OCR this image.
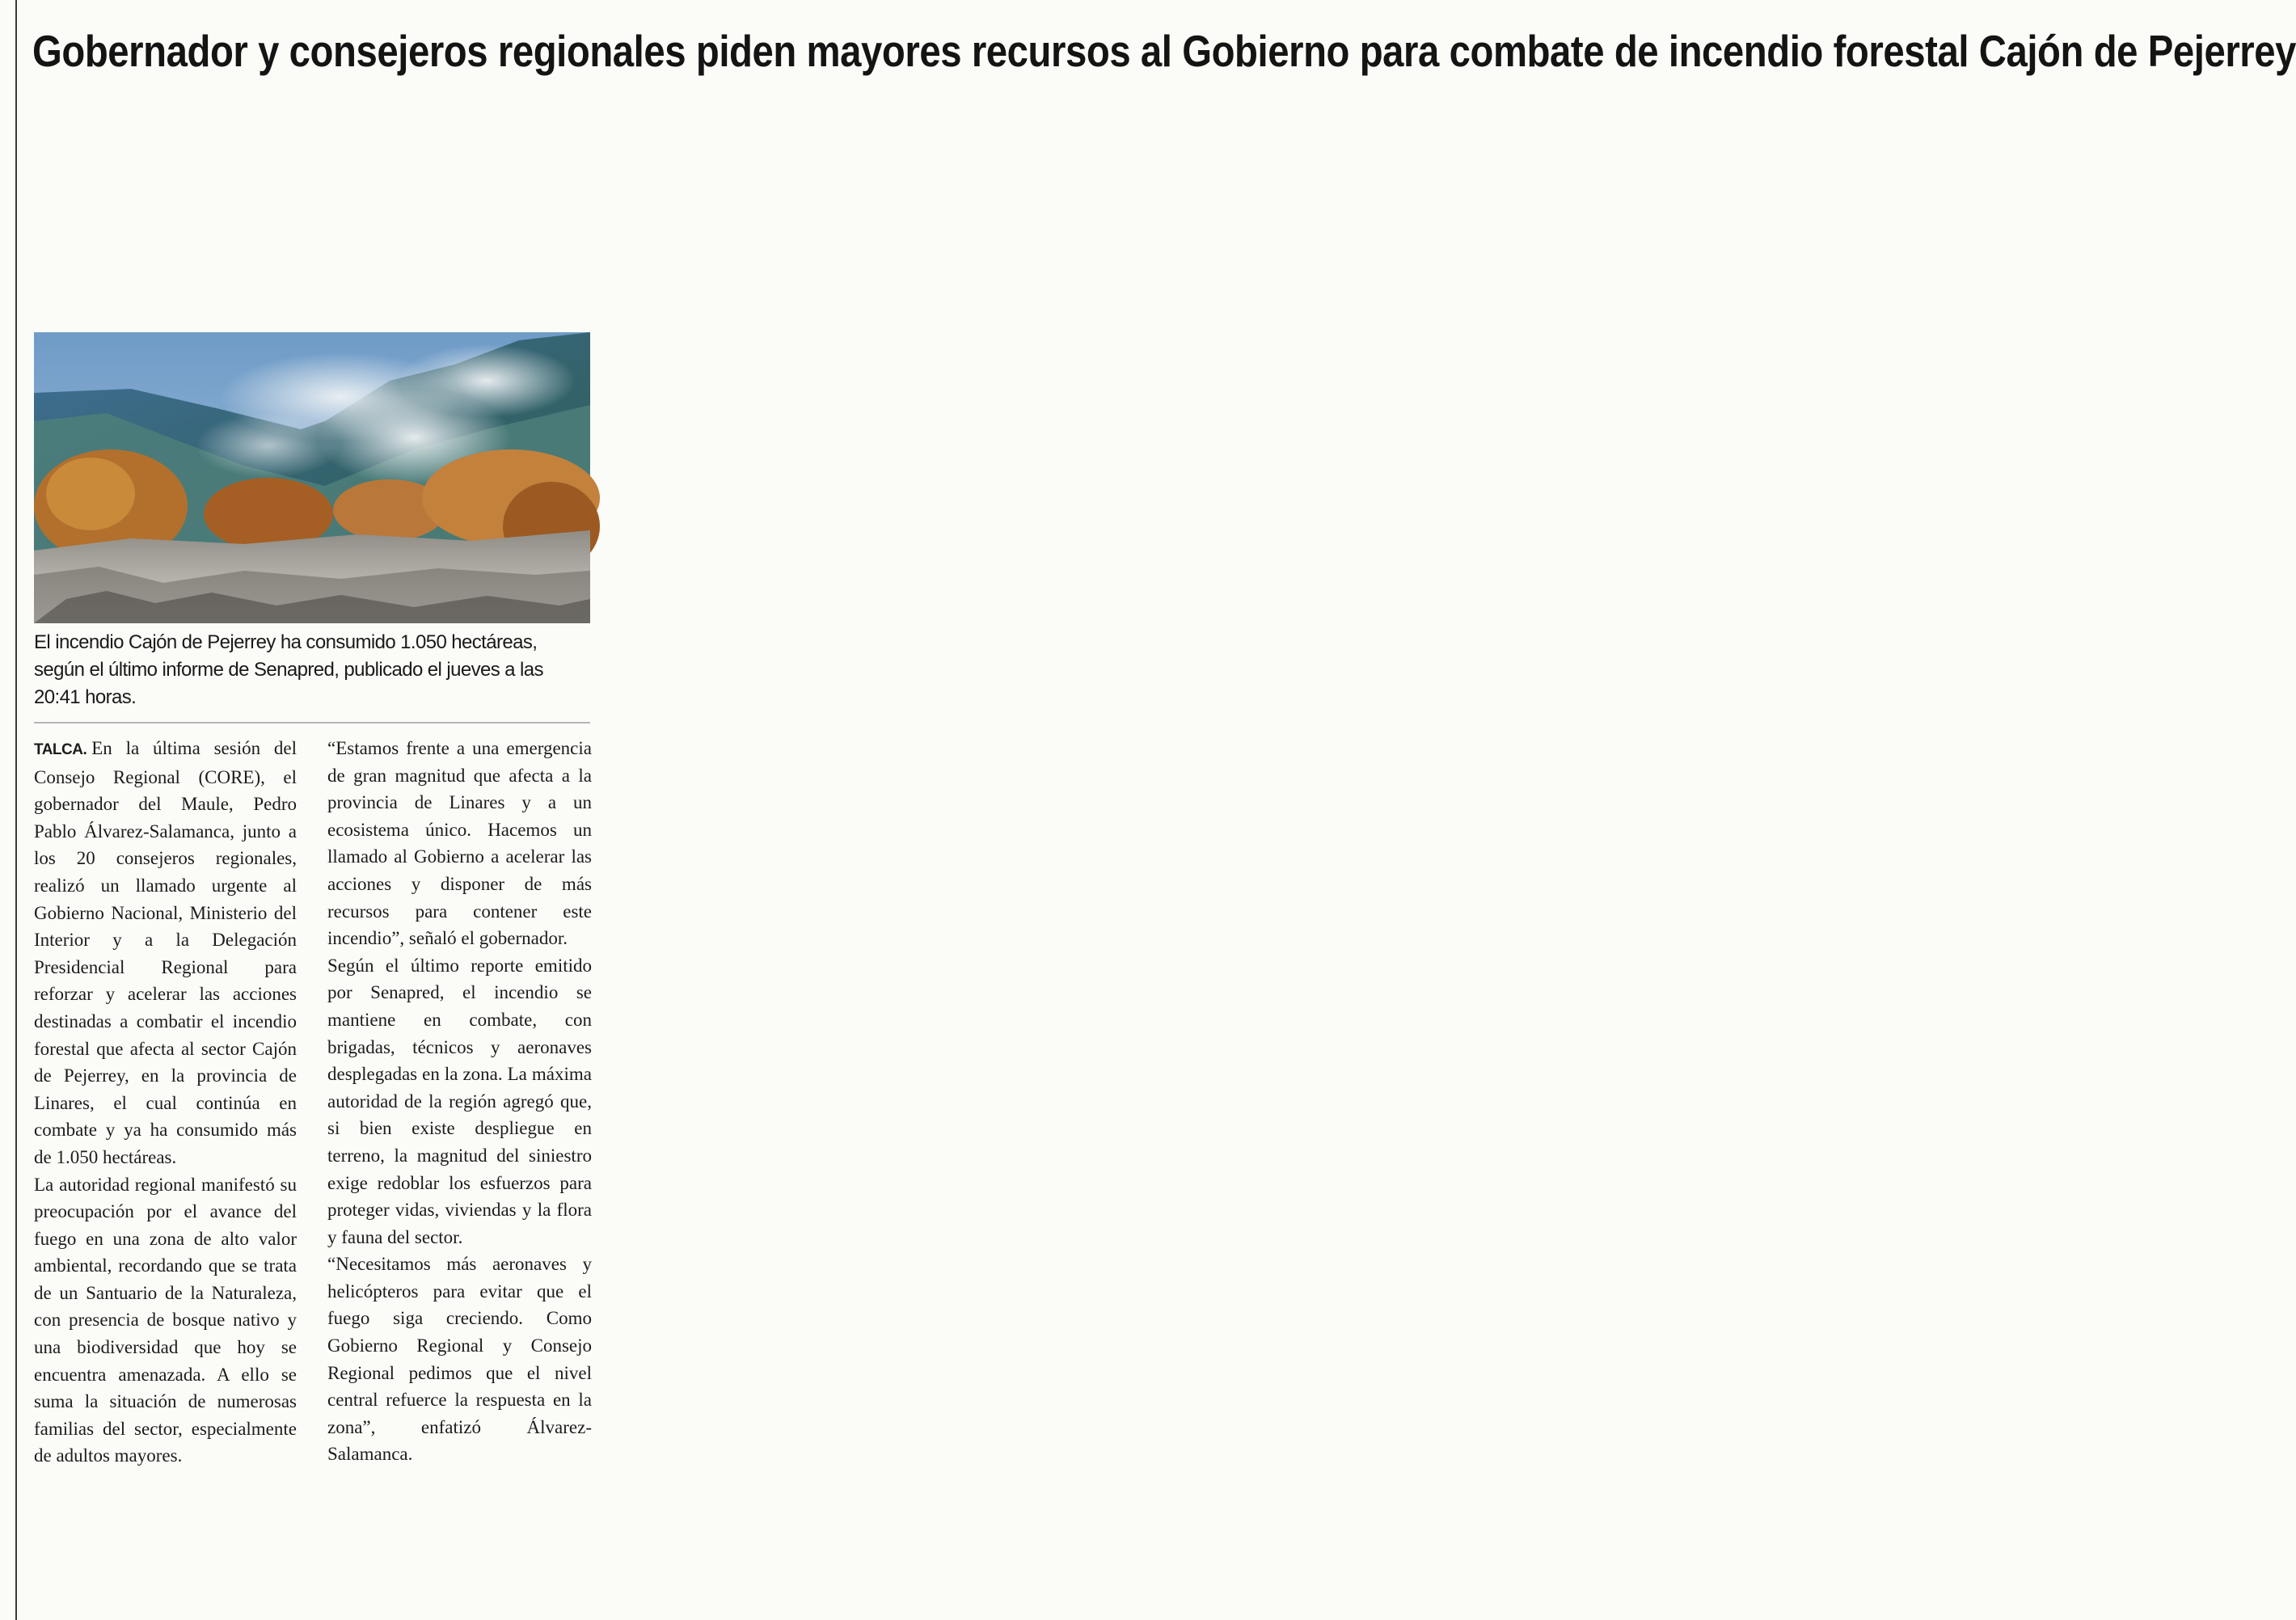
Gobernador y consejeros regionales piden mayores recursos al Gobierno para combate de incendio forestal Cajón de Pejerrey
El incendio Cajón de Pejerrey ha consumido 1.050 hectáreas, según el último informe de Senapred, publicado el jueves a las 20:41 horas.

TALCA. En la última sesión del Consejo Regional (CORE), el gobernador del Maule, Pedro Pablo Álvarez-Salamanca, junto a los 20 consejeros regionales, realizó un llamado urgente al Gobierno Nacional, Ministerio del Interior y a la Delegación Presidencial Regional para reforzar y acelerar las acciones destinadas a combatir el incendio forestal que afecta al sector Cajón de Pejerrey, en la provincia de Linares, el cual continúa en combate y ya ha consumido más de 1.050 hectáreas.

La autoridad regional manifestó su preocupación por el avance del fuego en una zona de alto valor ambiental, recordando que se trata de un Santuario de la Naturaleza, con presencia de bosque nativo y una biodiversidad que hoy se encuentra amenazada. A ello se suma la situación de numerosas familias del sector, especialmente de adultos mayores.

“Estamos frente a una emergencia de gran magnitud que afecta a la provincia de Linares y a un ecosistema único. Hacemos un llamado al Gobierno a acelerar las acciones y disponer de más recursos para contener este incendio”, señaló el gobernador.

Según el último reporte emitido por Senapred, el incendio se mantiene en combate, con brigadas, técnicos y aeronaves desplegadas en la zona. La máxima autoridad de la región agregó que, si bien existe despliegue en terreno, la magnitud del siniestro exige redoblar los esfuerzos para proteger vidas, viviendas y la flora y fauna del sector.

“Necesitamos más aeronaves y helicópteros para evitar que el fuego siga creciendo. Como Gobierno Regional y Consejo Regional pedimos que el nivel central refuerce la respuesta en la zona”, enfatizó Álvarez-Salamanca.
